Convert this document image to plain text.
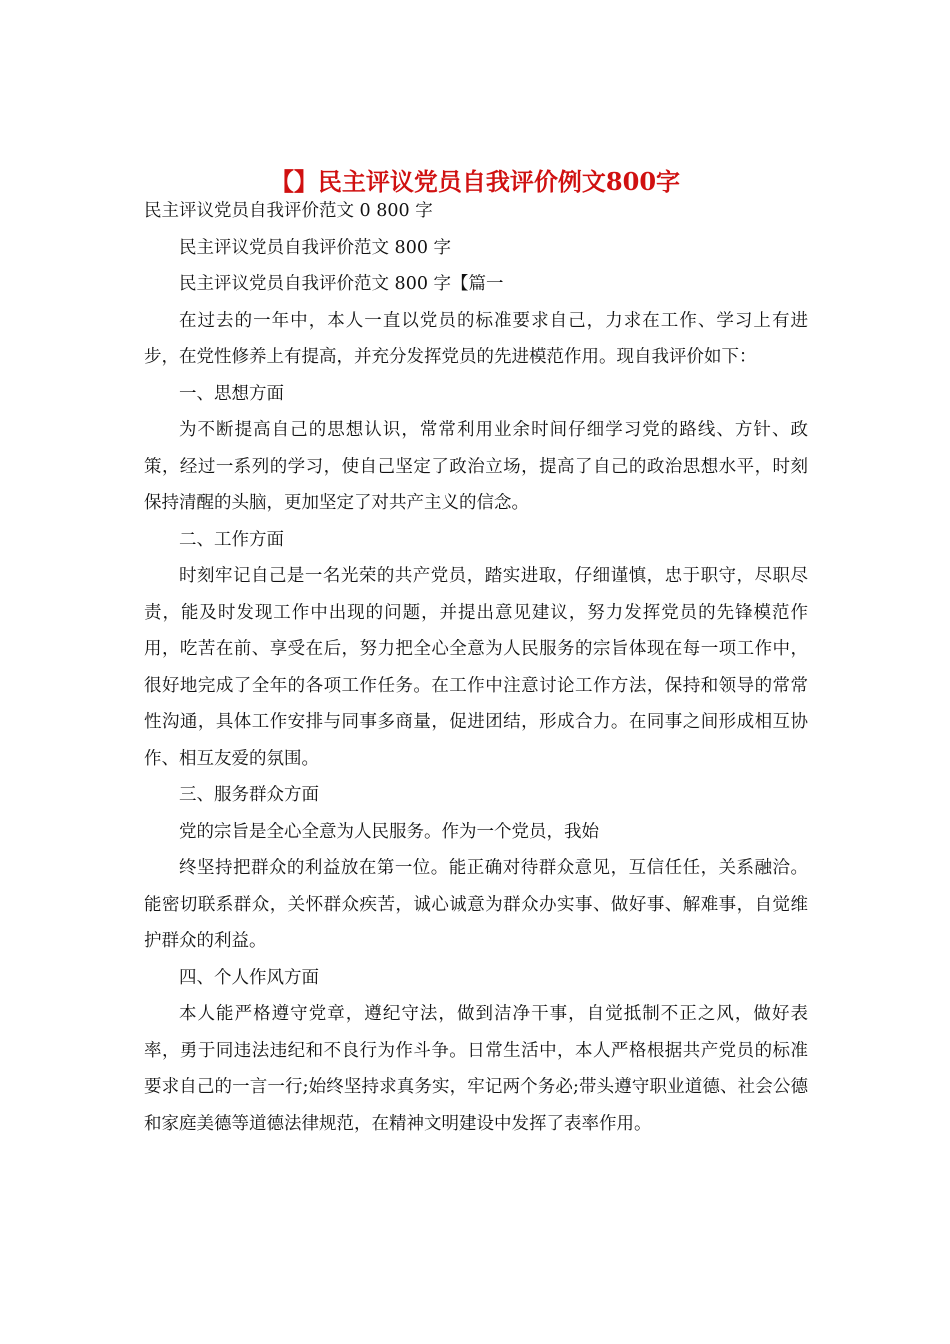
【】民主评议党员自我评价例文800字

民主评议党员自我评价范文 0 800 字

民主评议党员自我评价范文 800 字

民主评议党员自我评价范文 800 字【篇一

在过去的一年中，本人一直以党员的标准要求自己，力求在工作、学习上有进步，在党性修养上有提高，并充分发挥党员的先进模范作用。现自我评价如下：

一、思想方面

为不断提高自己的思想认识，常常利用业余时间仔细学习党的路线、方针、政策，经过一系列的学习，使自己坚定了政治立场，提高了自己的政治思想水平，时刻保持清醒的头脑，更加坚定了对共产主义的信念。

二、工作方面

时刻牢记自己是一名光荣的共产党员，踏实进取，仔细谨慎，忠于职守，尽职尽责，能及时发现工作中出现的问题，并提出意见建议，努力发挥党员的先锋模范作用，吃苦在前、享受在后，努力把全心全意为人民服务的宗旨体现在每一项工作中，很好地完成了全年的各项工作任务。在工作中注意讨论工作方法，保持和领导的常常性沟通，具体工作安排与同事多商量，促进团结，形成合力。在同事之间形成相互协作、相互友爱的氛围。

三、服务群众方面

党的宗旨是全心全意为人民服务。作为一个党员，我始

终坚持把群众的利益放在第一位。能正确对待群众意见，互信任任，关系融洽。能密切联系群众，关怀群众疾苦，诚心诚意为群众办实事、做好事、解难事，自觉维护群众的利益。

四、个人作风方面

本人能严格遵守党章，遵纪守法，做到洁净干事，自觉抵制不正之风，做好表率，勇于同违法违纪和不良行为作斗争。日常生活中，本人严格根据共产党员的标准要求自己的一言一行;始终坚持求真务实，牢记两个务必;带头遵守职业道德、社会公德和家庭美德等道德法律规范，在精神文明建设中发挥了表率作用。
